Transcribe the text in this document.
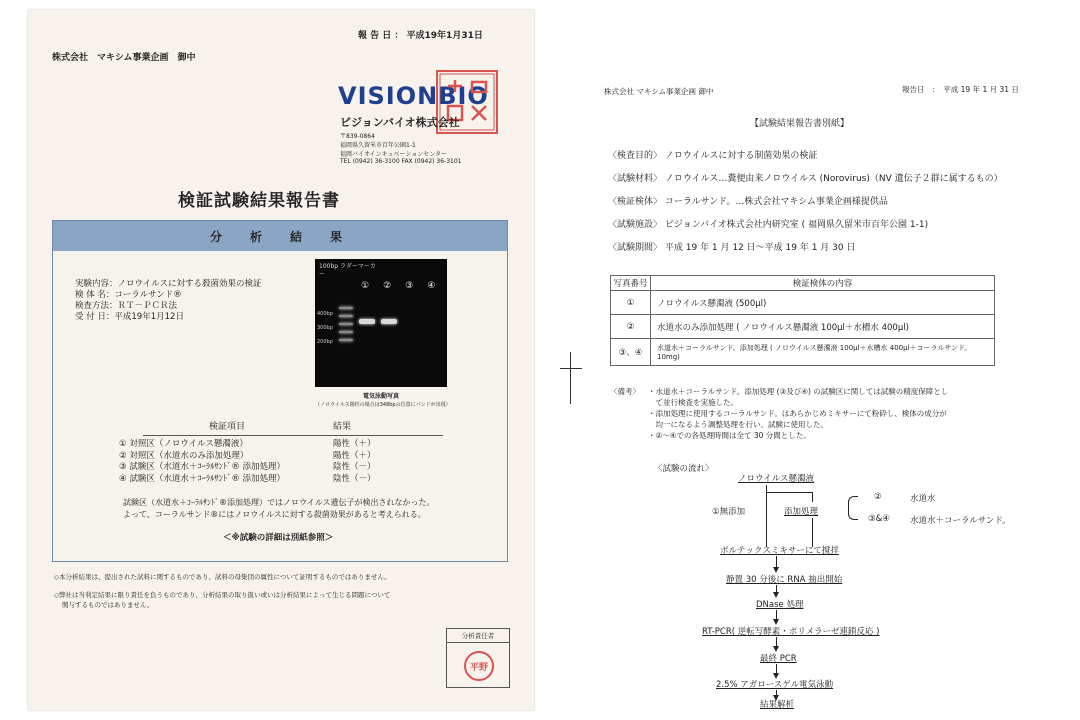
報 告 日 ： 平成19年1月31日
株式会社　マキシム事業企画　御中
VISIONBIO
ビジョンバイオ株式会社
〒839-0864
福岡県久留米市百年公園1-1
福岡バイオインキュベーションセンター
TEL (0942) 36-3100 FAX (0942) 36-3101
検証試験結果報告書
分　析　結　果
実験内容：ノロウイルスに対する殺菌効果の検証
検 体 名：コーラルサンド®
検査方法：ＲＴ－ＰＣＲ法
受 付 日：平成19年1月12日
100bp ラダーマーカー
① ② ③ ④
400bp
300bp
200bp
電気泳動写真
（ノロウイルス陽性の場合は348bpの位置にバンドが出現）
検証項目	結果
① 対照区（ノロウイルス懸濁液）	陽性（＋）
② 対照区（水道水のみ添加処理）	陽性（＋）
③ 試験区（水道水＋ｺｰﾗﾙｻﾝﾄﾞ® 添加処理）	陰性（－）
④ 試験区（水道水＋ｺｰﾗﾙｻﾝﾄﾞ® 添加処理）	陰性（－）
試験区（水道水＋ｺｰﾗﾙｻﾝﾄﾞ®添加処理）ではノロウイルス遺伝子が検出されなかった。
よって、コーラルサンド®にはノロウイルスに対する殺菌効果があると考えられる。
＜※試験の詳細は別紙参照＞
◇本分析結果は、提出された試料に関するものであり、試料の母集団の属性について証明するものではありません。
◇弊社は当利定結果に限り責任を負うものであり、分析結果の取り扱い或いは分析結果によって生じる問題について
関与するものではありません。
分析責任者
平野
株式会社 マキシム事業企画 御中	報告日　：　平成 19 年 1 月 31 日
【試験結果報告書別紙】
〈検査目的〉 ノロウイルスに対する制菌効果の検証
〈試験材料〉 ノロウイルス…糞便由来ノロウイルス (Norovirus)（NV 遺伝子２群に属するもの）
〈検証検体〉 コーラルサンド。…株式会社マキシム事業企画様提供品
〈試験施設〉 ビジョンバイオ株式会社内研究室 ( 福岡県久留米市百年公園 1-1)
〈試験期間〉 平成 19 年 1 月 12 日～平成 19 年 1 月 30 日
写真番号	検証検体の内容
①	ノロウイルス懸濁液 (500μl)
②	水道水のみ添加処理 ( ノロウイルス懸濁液 100μl＋水槽水 400μl)
③、④	水道水＋コーラルサンド。添加処理 ( ノロウイルス懸濁液 100μl＋水槽水 400μl＋コーラルサンド。10mg)
〈備考〉 ・水道水＋コーラルサンド。添加処理 (③及び④) の試験区に関しては試験の精度保障とし
　て並行検査を実施した。
・添加処理に使用するコーラルサンド。はあらかじめミキサーにて粉砕し、検体の成分が
　均一になるよう調整処理を行い、試験に使用した。
・②～④での各処理時間は全て 30 分間とした。
〈試験の流れ〉
ノロウイルス懸濁液
①無添加	添加処理
②	水道水
③&④ 水道水＋コーラルサンド。
ボルテックスミキサーにて撹拌
静置 30 分後に RNA 抽出開始
DNase 処理
RT-PCR( 逆転写酵素・ポリメラーゼ連鎖反応 )
最終 PCR
2.5% アガロースゲル電気泳動
結果解析
